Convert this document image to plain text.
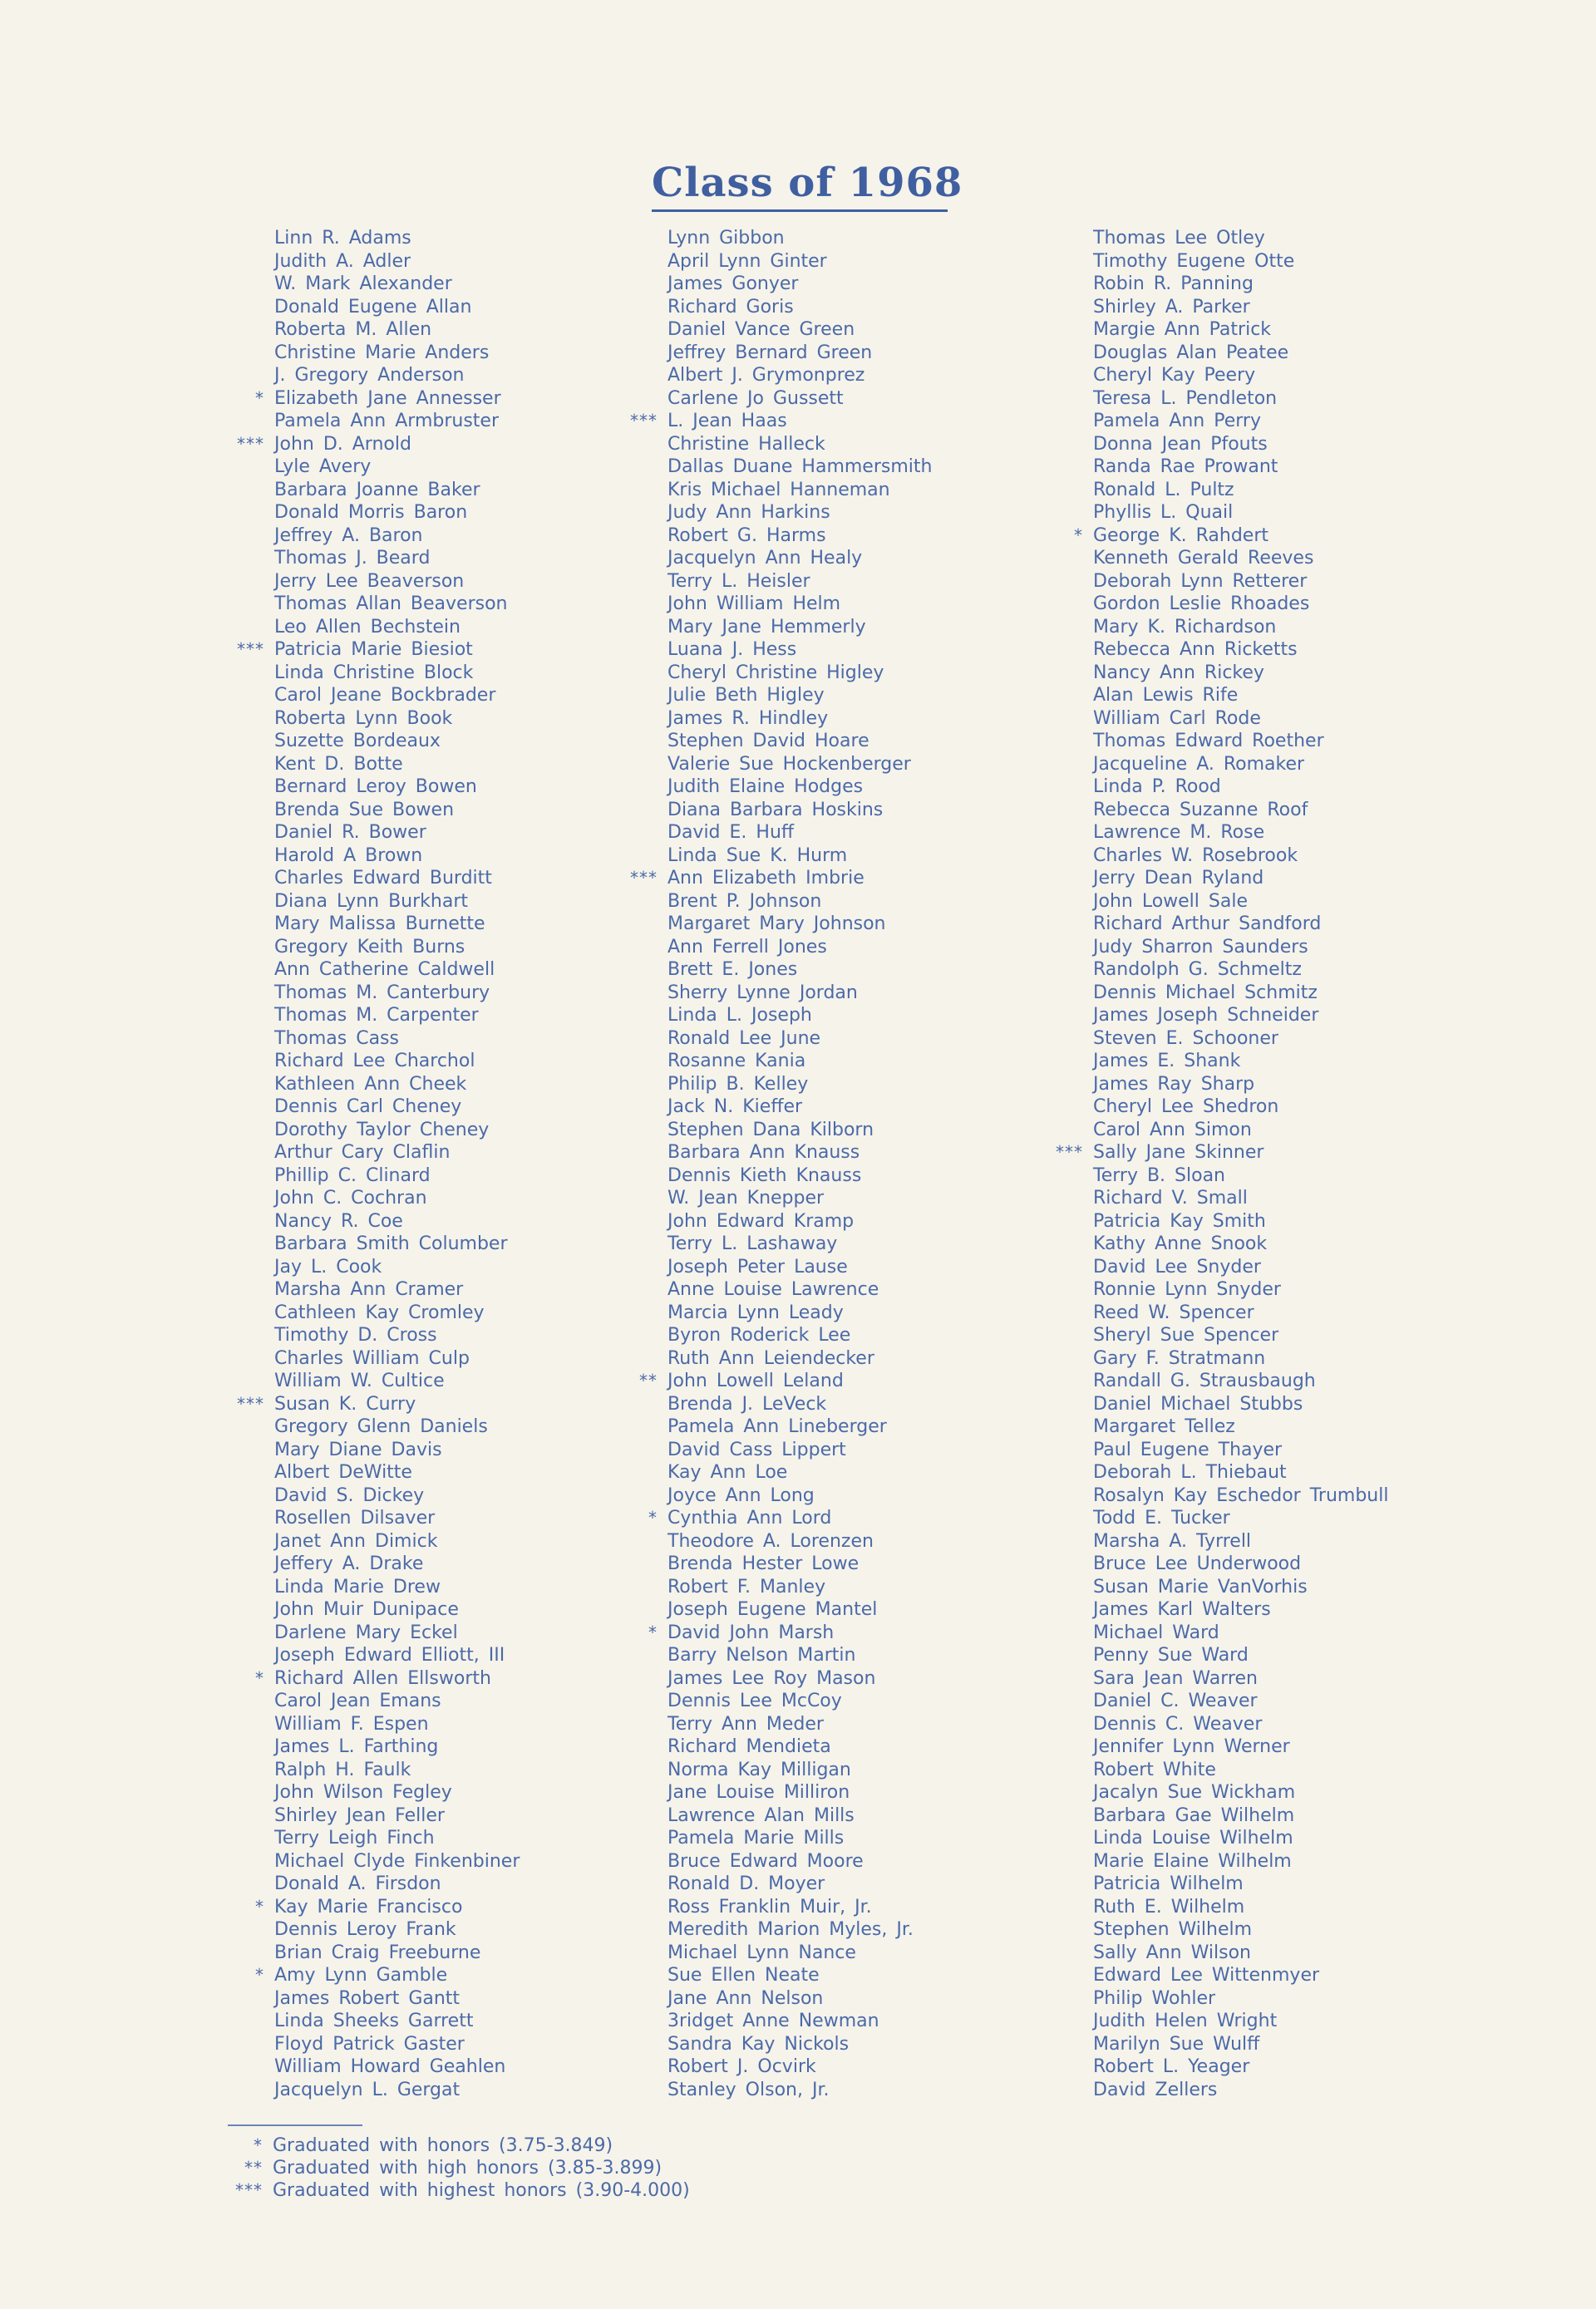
Class of 1968
Linn R. Adams
Judith A. Adler
W. Mark Alexander
Donald Eugene Allan
Roberta M. Allen
Christine Marie Anders
J. Gregory Anderson
* Elizabeth Jane Annesser
Pamela Ann Armbruster
*** John D. Arnold
Lyle Avery
Barbara Joanne Baker
Donald Morris Baron
Jeffrey A. Baron
Thomas J. Beard
Jerry Lee Beaverson
Thomas Allan Beaverson
Leo Allen Bechstein
*** Patricia Marie Biesiot
Linda Christine Block
Carol Jeane Bockbrader
Roberta Lynn Book
Suzette Bordeaux
Kent D. Botte
Bernard Leroy Bowen
Brenda Sue Bowen
Daniel R. Bower
Harold A Brown
Charles Edward Burditt
Diana Lynn Burkhart
Mary Malissa Burnette
Gregory Keith Burns
Ann Catherine Caldwell
Thomas M. Canterbury
Thomas M. Carpenter
Thomas Cass
Richard Lee Charchol
Kathleen Ann Cheek
Dennis Carl Cheney
Dorothy Taylor Cheney
Arthur Cary Claflin
Phillip C. Clinard
John C. Cochran
Nancy R. Coe
Barbara Smith Columber
Jay L. Cook
Marsha Ann Cramer
Cathleen Kay Cromley
Timothy D. Cross
Charles William Culp
William W. Cultice
*** Susan K. Curry
Gregory Glenn Daniels
Mary Diane Davis
Albert DeWitte
David S. Dickey
Rosellen Dilsaver
Janet Ann Dimick
Jeffery A. Drake
Linda Marie Drew
John Muir Dunipace
Darlene Mary Eckel
Joseph Edward Elliott, III
* Richard Allen Ellsworth
Carol Jean Emans
William F. Espen
James L. Farthing
Ralph H. Faulk
John Wilson Fegley
Shirley Jean Feller
Terry Leigh Finch
Michael Clyde Finkenbiner
Donald A. Firsdon
* Kay Marie Francisco
Dennis Leroy Frank
Brian Craig Freeburne
* Amy Lynn Gamble
James Robert Gantt
Linda Sheeks Garrett
Floyd Patrick Gaster
William Howard Geahlen
Jacquelyn L. Gergat
Lynn Gibbon
April Lynn Ginter
James Gonyer
Richard Goris
Daniel Vance Green
Jeffrey Bernard Green
Albert J. Grymonprez
Carlene Jo Gussett
*** L. Jean Haas
Christine Halleck
Dallas Duane Hammersmith
Kris Michael Hanneman
Judy Ann Harkins
Robert G. Harms
Jacquelyn Ann Healy
Terry L. Heisler
John William Helm
Mary Jane Hemmerly
Luana J. Hess
Cheryl Christine Higley
Julie Beth Higley
James R. Hindley
Stephen David Hoare
Valerie Sue Hockenberger
Judith Elaine Hodges
Diana Barbara Hoskins
David E. Huff
Linda Sue K. Hurm
*** Ann Elizabeth Imbrie
Brent P. Johnson
Margaret Mary Johnson
Ann Ferrell Jones
Brett E. Jones
Sherry Lynne Jordan
Linda L. Joseph
Ronald Lee June
Rosanne Kania
Philip B. Kelley
Jack N. Kieffer
Stephen Dana Kilborn
Barbara Ann Knauss
Dennis Kieth Knauss
W. Jean Knepper
John Edward Kramp
Terry L. Lashaway
Joseph Peter Lause
Anne Louise Lawrence
Marcia Lynn Leady
Byron Roderick Lee
Ruth Ann Leiendecker
** John Lowell Leland
Brenda J. LeVeck
Pamela Ann Lineberger
David Cass Lippert
Kay Ann Loe
Joyce Ann Long
* Cynthia Ann Lord
Theodore A. Lorenzen
Brenda Hester Lowe
Robert F. Manley
Joseph Eugene Mantel
* David John Marsh
Barry Nelson Martin
James Lee Roy Mason
Dennis Lee McCoy
Terry Ann Meder
Richard Mendieta
Norma Kay Milligan
Jane Louise Milliron
Lawrence Alan Mills
Pamela Marie Mills
Bruce Edward Moore
Ronald D. Moyer
Ross Franklin Muir, Jr.
Meredith Marion Myles, Jr.
Michael Lynn Nance
Sue Ellen Neate
Jane Ann Nelson
3ridget Anne Newman
Sandra Kay Nickols
Robert J. Ocvirk
Stanley Olson, Jr.
Thomas Lee Otley
Timothy Eugene Otte
Robin R. Panning
Shirley A. Parker
Margie Ann Patrick
Douglas Alan Peatee
Cheryl Kay Peery
Teresa L. Pendleton
Pamela Ann Perry
Donna Jean Pfouts
Randa Rae Prowant
Ronald L. Pultz
Phyllis L. Quail
* George K. Rahdert
Kenneth Gerald Reeves
Deborah Lynn Retterer
Gordon Leslie Rhoades
Mary K. Richardson
Rebecca Ann Ricketts
Nancy Ann Rickey
Alan Lewis Rife
William Carl Rode
Thomas Edward Roether
Jacqueline A. Romaker
Linda P. Rood
Rebecca Suzanne Roof
Lawrence M. Rose
Charles W. Rosebrook
Jerry Dean Ryland
John Lowell Sale
Richard Arthur Sandford
Judy Sharron Saunders
Randolph G. Schmeltz
Dennis Michael Schmitz
James Joseph Schneider
Steven E. Schooner
James E. Shank
James Ray Sharp
Cheryl Lee Shedron
Carol Ann Simon
*** Sally Jane Skinner
Terry B. Sloan
Richard V. Small
Patricia Kay Smith
Kathy Anne Snook
David Lee Snyder
Ronnie Lynn Snyder
Reed W. Spencer
Sheryl Sue Spencer
Gary F. Stratmann
Randall G. Strausbaugh
Daniel Michael Stubbs
Margaret Tellez
Paul Eugene Thayer
Deborah L. Thiebaut
Rosalyn Kay Eschedor Trumbull
Todd E. Tucker
Marsha A. Tyrrell
Bruce Lee Underwood
Susan Marie VanVorhis
James Karl Walters
Michael Ward
Penny Sue Ward
Sara Jean Warren
Daniel C. Weaver
Dennis C. Weaver
Jennifer Lynn Werner
Robert White
Jacalyn Sue Wickham
Barbara Gae Wilhelm
Linda Louise Wilhelm
Marie Elaine Wilhelm
Patricia Wilhelm
Ruth E. Wilhelm
Stephen Wilhelm
Sally Ann Wilson
Edward Lee Wittenmyer
Philip Wohler
Judith Helen Wright
Marilyn Sue Wulff
Robert L. Yeager
David Zellers
* Graduated with honors (3.75-3.849)
** Graduated with high honors (3.85-3.899)
*** Graduated with highest honors (3.90-4.000)
